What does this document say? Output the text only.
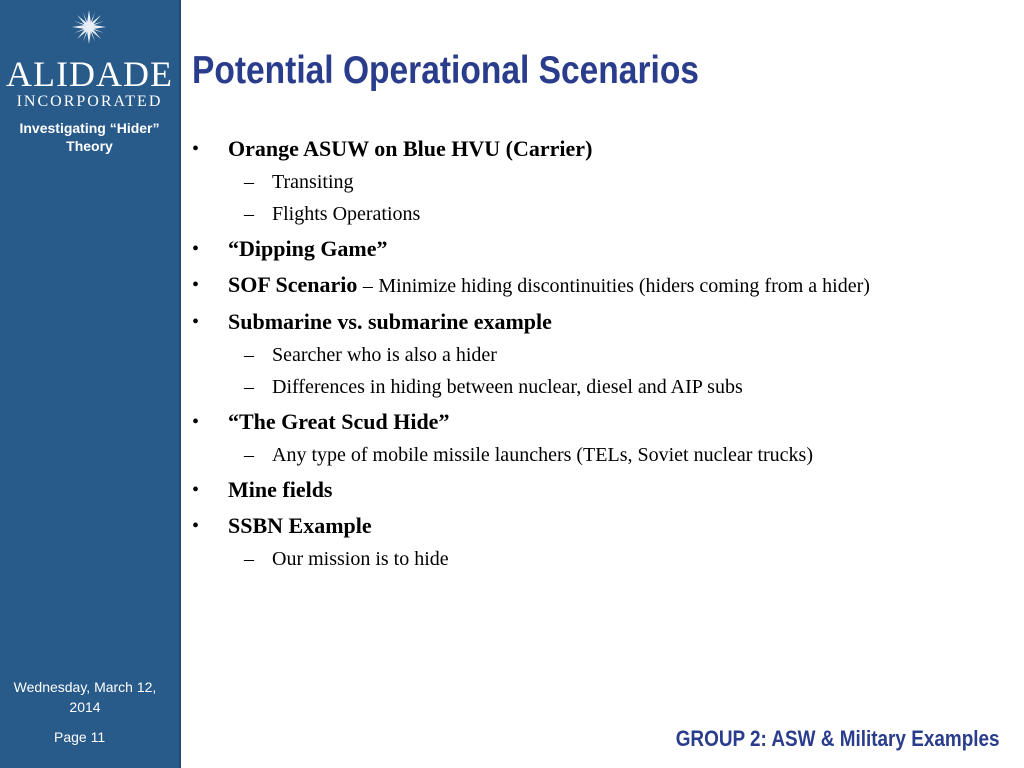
ALIDADE
INCORPORATED
Investigating “Hider” Theory
Wednesday, March 12, 2014
Page 11
Potential Operational Scenarios
• Orange ASUW on Blue HVU (Carrier)
– Transiting
– Flights Operations
• “Dipping Game”
• SOF Scenario – Minimize hiding discontinuities (hiders coming from a hider)
• Submarine vs. submarine example
– Searcher who is also a hider
– Differences in hiding between nuclear, diesel and AIP subs
• “The Great Scud Hide”
– Any type of mobile missile launchers (TELs, Soviet nuclear trucks)
• Mine fields
• SSBN Example
– Our mission is to hide
GROUP 2: ASW & Military Examples
